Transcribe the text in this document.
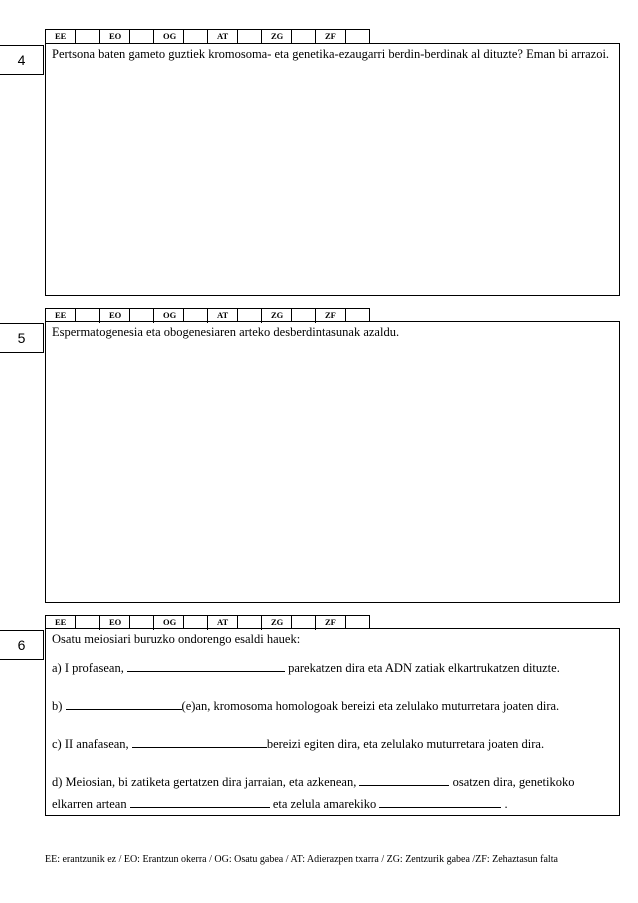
EE	EO	OG	AT	ZG	ZF
4	Pertsona baten gameto guztiek kromosoma- eta genetika-ezaugarri berdin-berdinak al dituzte? Eman bi arrazoi.
EE	EO	OG	AT	ZG	ZF
5	Espermatogenesia eta obogenesiaren arteko desberdintasunak azaldu.
EE	EO	OG	AT	ZG	ZF
6	Osatu meiosiari buruzko ondorengo esaldi hauek:
a) I profasean,	parekatzen dira eta ADN zatiak elkartrukatzen dituzte.
b)	(e)an, kromosoma homologoak bereizi eta zelulako muturretara joaten dira.
c) II anafasean,	bereizi egiten dira, eta zelulako muturretara joaten dira.
d) Meiosian, bi zatiketa gertatzen dira jarraian, eta azkenean,	osatzen dira, genetikoko
elkarren artean	eta zelula amarekiko	.
EE: erantzunik ez / EO: Erantzun okerra / OG: Osatu gabea / AT: Adierazpen txarra / ZG: Zentzurik gabea /ZF: Zehaztasun falta
